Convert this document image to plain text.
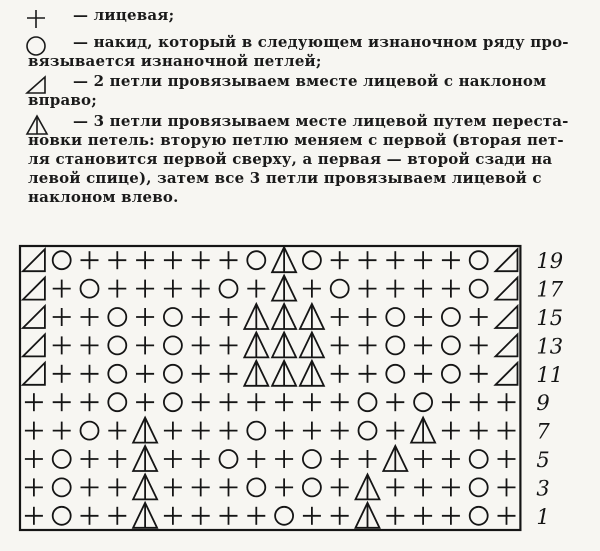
— лицевая;
— накид, который в следующем изнаночном ряду про-
вязывается изнаночной петлей;
— 2 петли провязываем вместе лицевой с наклоном
вправо;
— 3 петли провязываем месте лицевой путем переста-
новки петель: вторую петлю меняем с первой (вторая пет-
ля становится первой сверху, а первая — второй сзади на
левой спице), затем все 3 петли провязываем лицевой с
наклоном влево.
19
17
15
13
11
9
7
5
3
1
